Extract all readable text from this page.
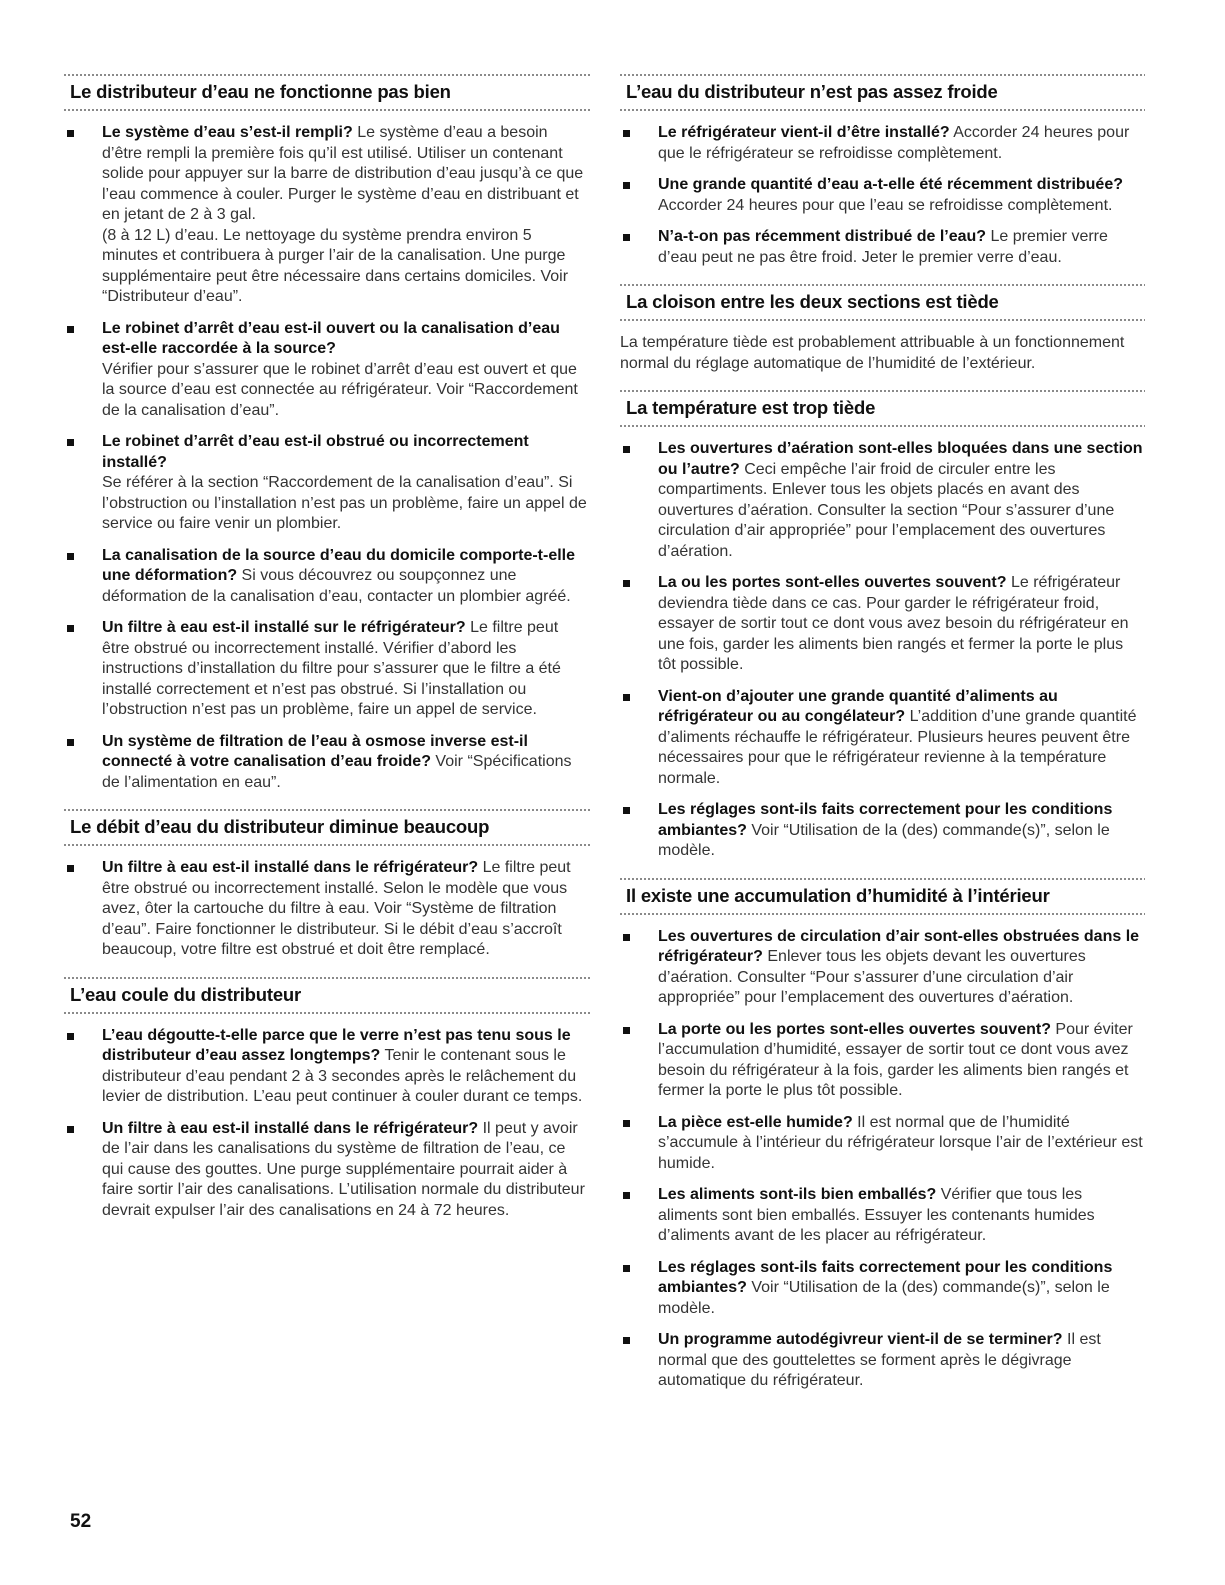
Le distributeur d’eau ne fonctionne pas bien
Le système d’eau s’est-il rempli? Le système d’eau a besoin d’être rempli la première fois qu’il est utilisé. Utiliser un contenant solide pour appuyer sur la barre de distribution d’eau jusqu’à ce que l’eau commence à couler. Purger le système d’eau en distribuant et en jetant de 2 à 3 gal.
(8 à 12 L) d’eau. Le nettoyage du système prendra environ 5 minutes et contribuera à purger l’air de la canalisation. Une purge supplémentaire peut être nécessaire dans certains domiciles. Voir “Distributeur d’eau”.
Le robinet d’arrêt d’eau est-il ouvert ou la canalisation d’eau est-elle raccordée à la source?
Vérifier pour s’assurer que le robinet d’arrêt d’eau est ouvert et que la source d’eau est connectée au réfrigérateur. Voir “Raccordement de la canalisation d’eau”.
Le robinet d’arrêt d’eau est-il obstrué ou incorrectement installé?
Se référer à la section “Raccordement de la canalisation d’eau”. Si l’obstruction ou l’installation n’est pas un problème, faire un appel de service ou faire venir un plombier.
La canalisation de la source d’eau du domicile comporte-t-elle une déformation? Si vous découvrez ou soupçonnez une déformation de la canalisation d’eau, contacter un plombier agréé.
Un filtre à eau est-il installé sur le réfrigérateur? Le filtre peut être obstrué ou incorrectement installé. Vérifier d’abord les instructions d’installation du filtre pour s’assurer que le filtre a été installé correctement et n’est pas obstrué. Si l’installation ou l’obstruction n’est pas un problème, faire un appel de service.
Un système de filtration de l’eau à osmose inverse est-il connecté à votre canalisation d’eau froide? Voir “Spécifications de l’alimentation en eau”.
Le débit d’eau du distributeur diminue beaucoup
Un filtre à eau est-il installé dans le réfrigérateur? Le filtre peut être obstrué ou incorrectement installé. Selon le modèle que vous avez, ôter la cartouche du filtre à eau. Voir “Système de filtration d’eau”. Faire fonctionner le distributeur. Si le débit d’eau s’accroît beaucoup, votre filtre est obstrué et doit être remplacé.
L’eau coule du distributeur
L’eau dégoutte-t-elle parce que le verre n’est pas tenu sous le distributeur d’eau assez longtemps? Tenir le contenant sous le distributeur d’eau pendant 2 à 3 secondes après le relâchement du levier de distribution. L’eau peut continuer à couler durant ce temps.
Un filtre à eau est-il installé dans le réfrigérateur? Il peut y avoir de l’air dans les canalisations du système de filtration de l’eau, ce qui cause des gouttes. Une purge supplémentaire pourrait aider à faire sortir l’air des canalisations. L’utilisation normale du distributeur devrait expulser l’air des canalisations en 24 à 72 heures.
L’eau du distributeur n’est pas assez froide
Le réfrigérateur vient-il d’être installé? Accorder 24 heures pour que le réfrigérateur se refroidisse complètement.
Une grande quantité d’eau a-t-elle été récemment distribuée? Accorder 24 heures pour que l’eau se refroidisse complètement.
N’a-t-on pas récemment distribué de l’eau? Le premier verre d’eau peut ne pas être froid. Jeter le premier verre d’eau.
La cloison entre les deux sections est tiède

La température tiède est probablement attribuable à un fonctionnement normal du réglage automatique de l’humidité de l’extérieur.

La température est trop tiède
Les ouvertures d’aération sont-elles bloquées dans une section ou l’autre? Ceci empêche l’air froid de circuler entre les compartiments. Enlever tous les objets placés en avant des ouvertures d’aération. Consulter la section “Pour s’assurer d’une circulation d’air appropriée” pour l’emplacement des ouvertures d’aération.
La ou les portes sont-elles ouvertes souvent? Le réfrigérateur deviendra tiède dans ce cas. Pour garder le réfrigérateur froid, essayer de sortir tout ce dont vous avez besoin du réfrigérateur en une fois, garder les aliments bien rangés et fermer la porte le plus tôt possible.
Vient-on d’ajouter une grande quantité d’aliments au réfrigérateur ou au congélateur? L’addition d’une grande quantité d’aliments réchauffe le réfrigérateur. Plusieurs heures peuvent être nécessaires pour que le réfrigérateur revienne à la température normale.
Les réglages sont-ils faits correctement pour les conditions ambiantes? Voir “Utilisation de la (des) commande(s)”, selon le modèle.
Il existe une accumulation d’humidité à l’intérieur
Les ouvertures de circulation d’air sont-elles obstruées dans le réfrigérateur? Enlever tous les objets devant les ouvertures d’aération. Consulter “Pour s’assurer d’une circulation d’air appropriée” pour l’emplacement des ouvertures d’aération.
La porte ou les portes sont-elles ouvertes souvent? Pour éviter l’accumulation d’humidité, essayer de sortir tout ce dont vous avez besoin du réfrigérateur à la fois, garder les aliments bien rangés et fermer la porte le plus tôt possible.
La pièce est-elle humide? Il est normal que de l’humidité s’accumule à l’intérieur du réfrigérateur lorsque l’air de l’extérieur est humide.
Les aliments sont-ils bien emballés? Vérifier que tous les aliments sont bien emballés. Essuyer les contenants humides d’aliments avant de les placer au réfrigérateur.
Les réglages sont-ils faits correctement pour les conditions ambiantes? Voir “Utilisation de la (des) commande(s)”, selon le modèle.
Un programme autodégivreur vient-il de se terminer? Il est normal que des gouttelettes se forment après le dégivrage automatique du réfrigérateur.
52
